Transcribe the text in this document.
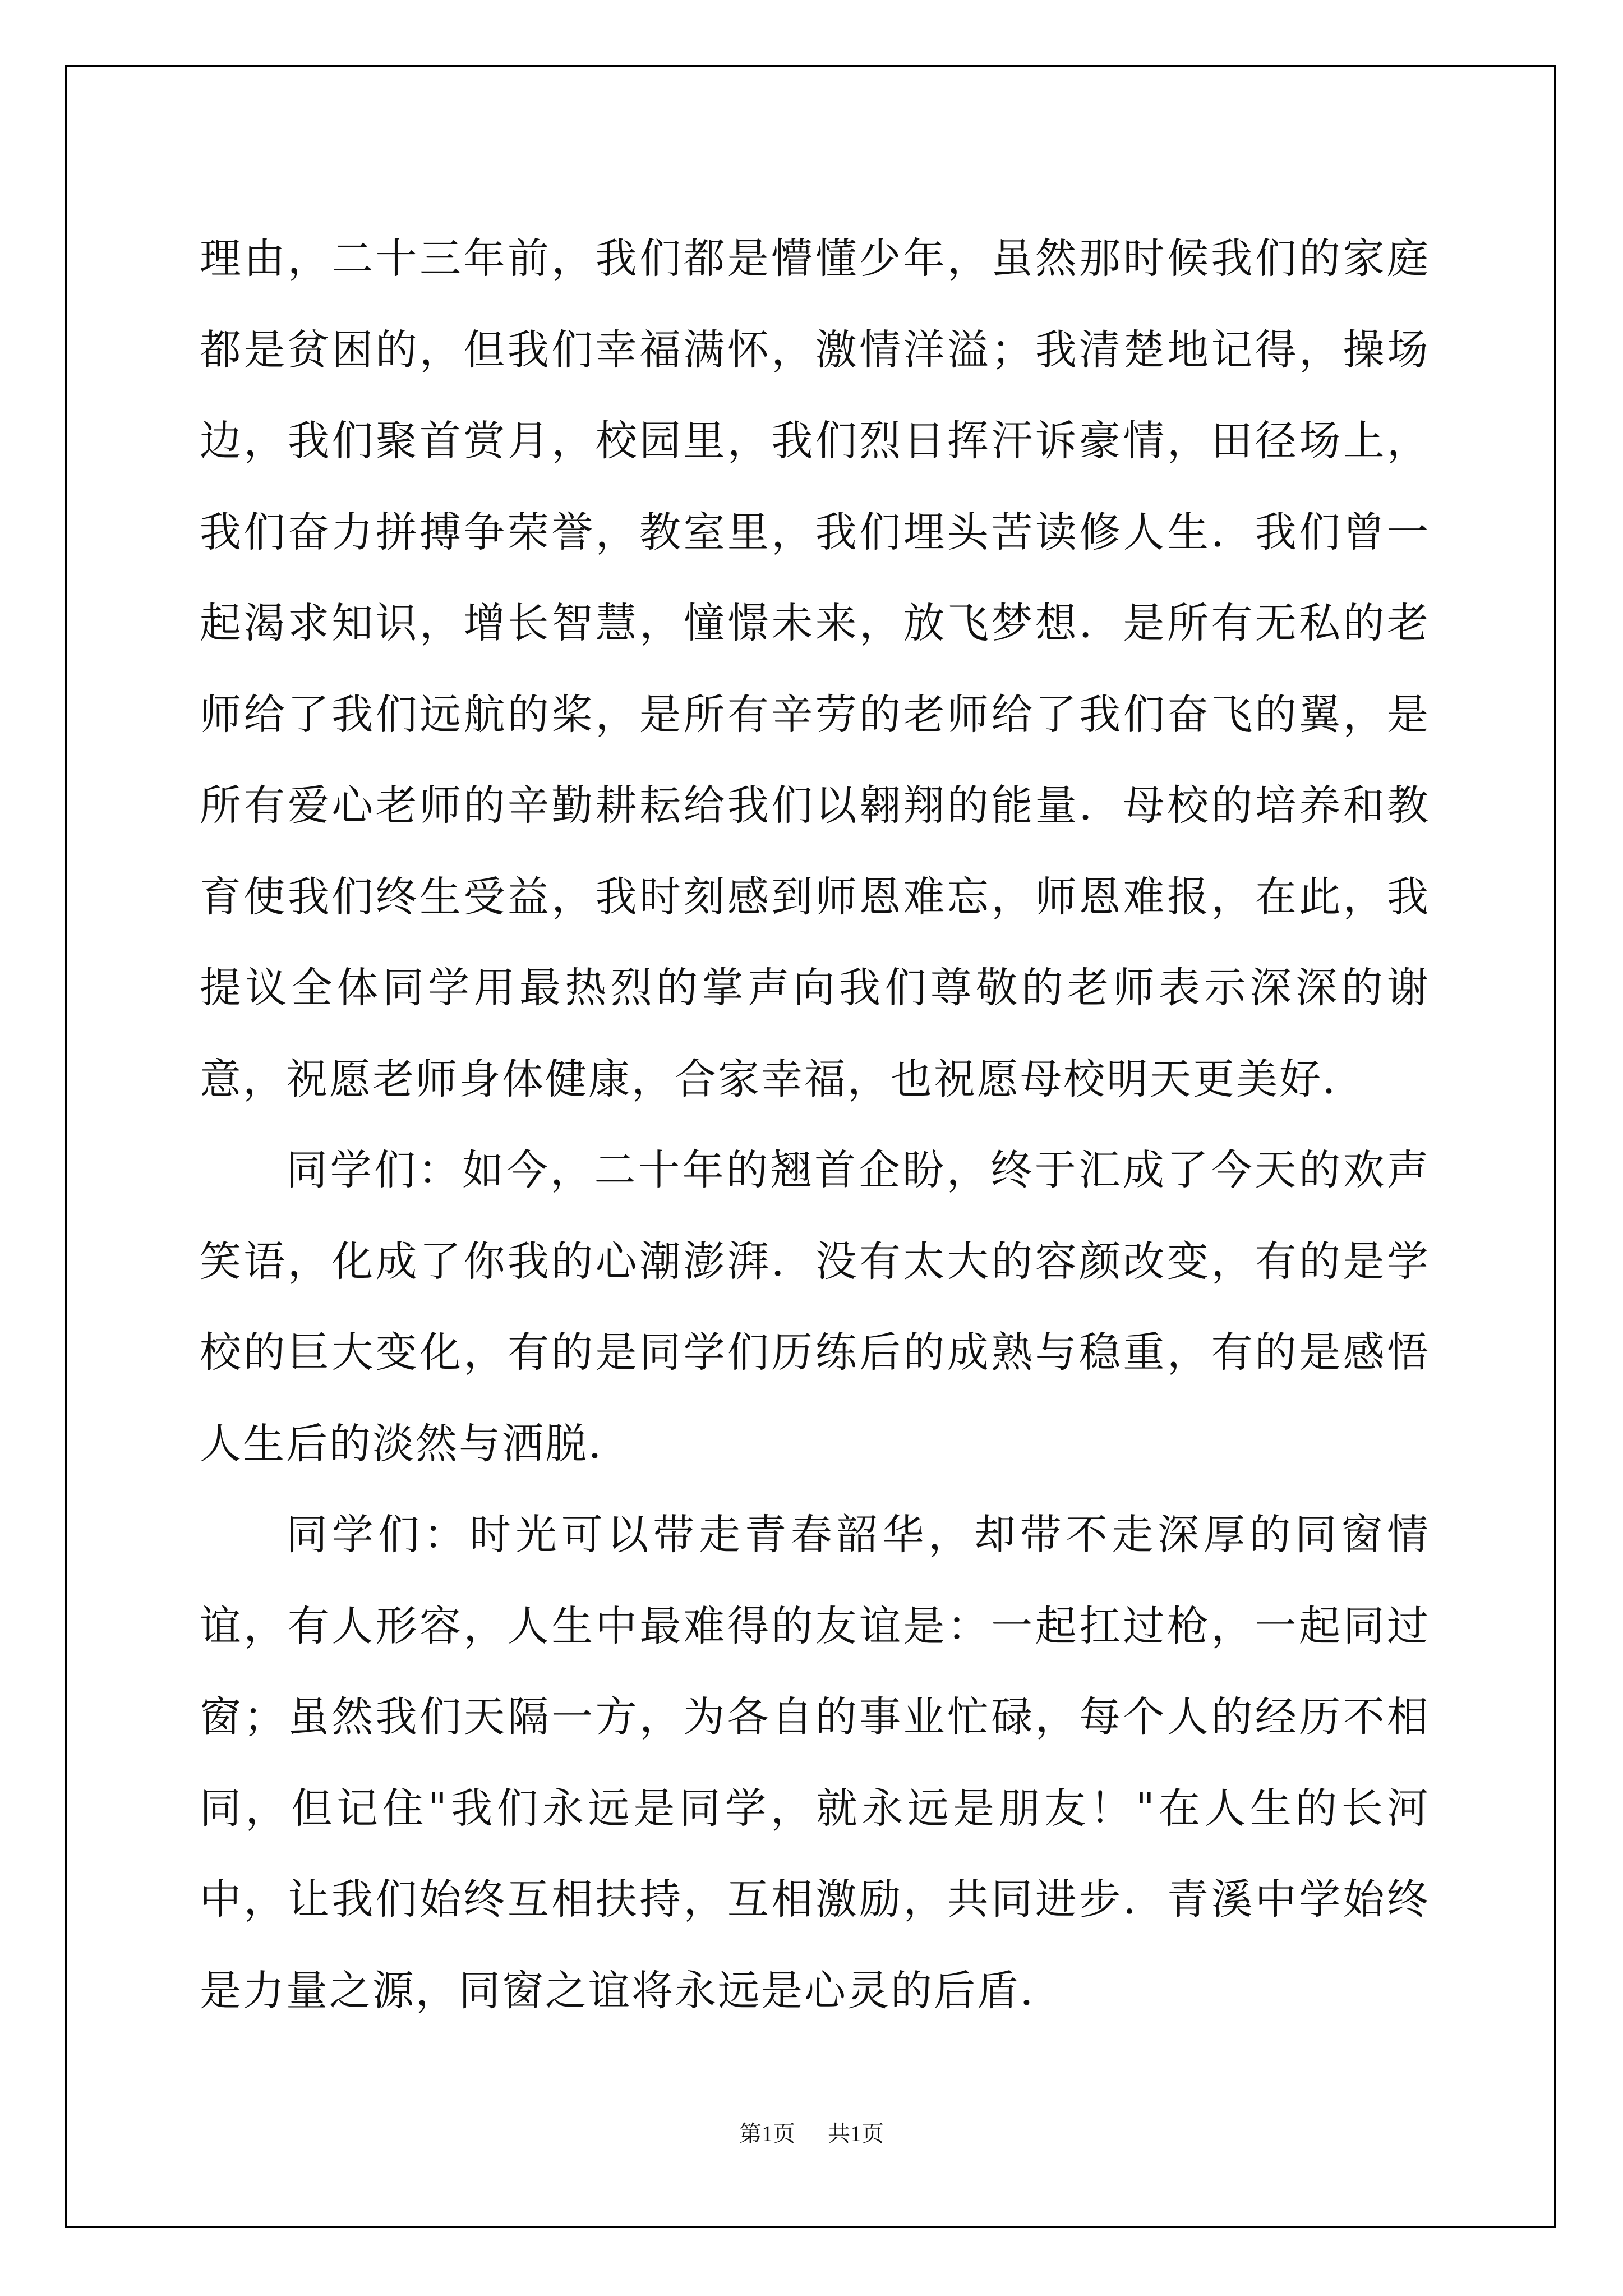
理由，二十三年前，我们都是懵懂少年，虽然那时候我们的家庭都是贫困的，但我们幸福满怀，激情洋溢；我清楚地记得，操场边，我们聚首赏月，校园里，我们烈日挥汗诉豪情，田径场上，我们奋力拼搏争荣誉，教室里，我们埋头苦读修人生．我们曾一起渴求知识，增长智慧，憧憬未来，放飞梦想．是所有无私的老师给了我们远航的桨，是所有辛劳的老师给了我们奋飞的翼，是所有爱心老师的辛勤耕耘给我们以翱翔的能量．母校的培养和教育使我们终生受益，我时刻感到师恩难忘，师恩难报，在此，我提议全体同学用最热烈的掌声向我们尊敬的老师表示深深的谢意，祝愿老师身体健康，合家幸福，也祝愿母校明天更美好．

同学们：如今，二十年的翘首企盼，终于汇成了今天的欢声笑语，化成了你我的心潮澎湃．没有太大的容颜改变，有的是学校的巨大变化，有的是同学们历练后的成熟与稳重，有的是感悟人生后的淡然与洒脱．

同学们：时光可以带走青春韶华，却带不走深厚的同窗情谊，有人形容，人生中最难得的友谊是：一起扛过枪，一起同过窗；虽然我们天隔一方，为各自的事业忙碌，每个人的经历不相同，但记住"我们永远是同学，就永远是朋友！"在人生的长河中，让我们始终互相扶持，互相激励，共同进步．青溪中学始终是力量之源，同窗之谊将永远是心灵的后盾．

第1页 共1页
